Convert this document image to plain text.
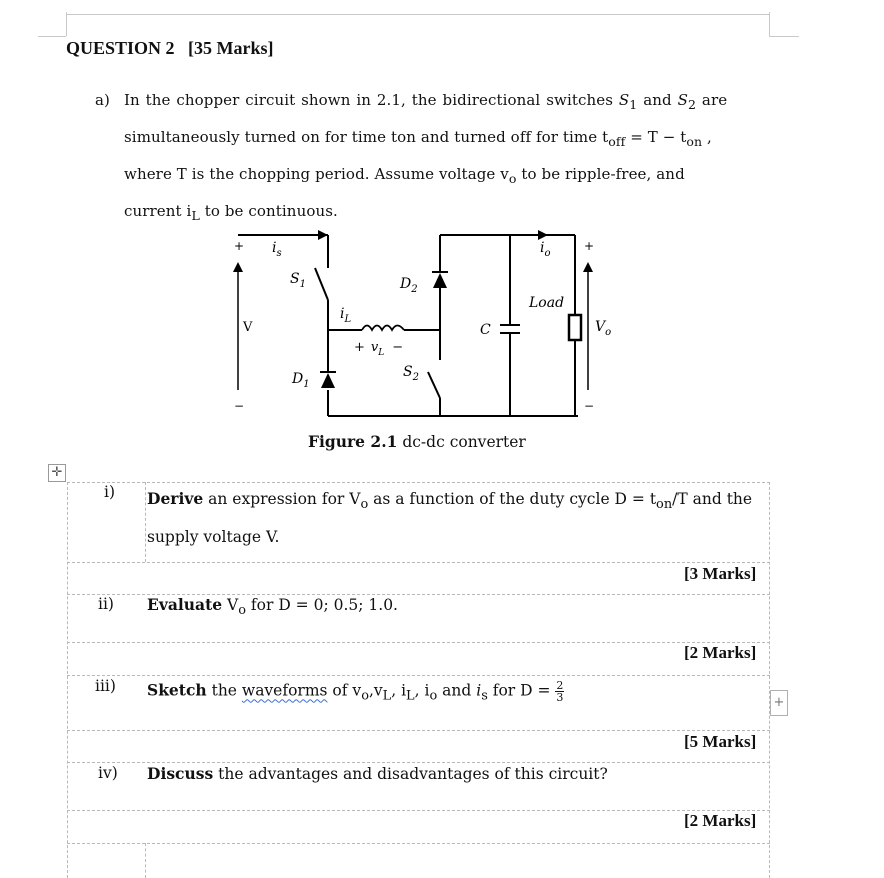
QUESTION 2 [35 Marks]
a) In the chopper circuit shown in 2.1, the bidirectional switches $S_1$ and $S_2$ are
simultaneously turned on for time ton and turned off for time $t_{off} = T - t_{on}$ ,
where T is the chopping period. Assume voltage $v_o$ to be ripple-free, and
current $i_L$ to be continuous.
+
−
+
−
$i_s$
$S_1$	$D_2$
V
$i_L$
+ $v_L$ −
$D_1$
$S_2$
C
$i_o$
Load
$V_o$
Figure 2.1 dc-dc converter
✛
i) Derive an expression for $V_o$ as a function of the duty cycle $D = t_{on}/T$ and the
supply voltage V.
[3 Marks]
ii) Evaluate $V_o$ for D = 0; 0.5; 1.0.
[2 Marks]
iii) Sketch the waveforms of $v_o,v_L$, $i_L$, $i_o$ and $i_s$ for $D = \frac{2}{3}$
[5 Marks]
iv) Discuss the advantages and disadvantages of this circuit?
[2 Marks]
+
